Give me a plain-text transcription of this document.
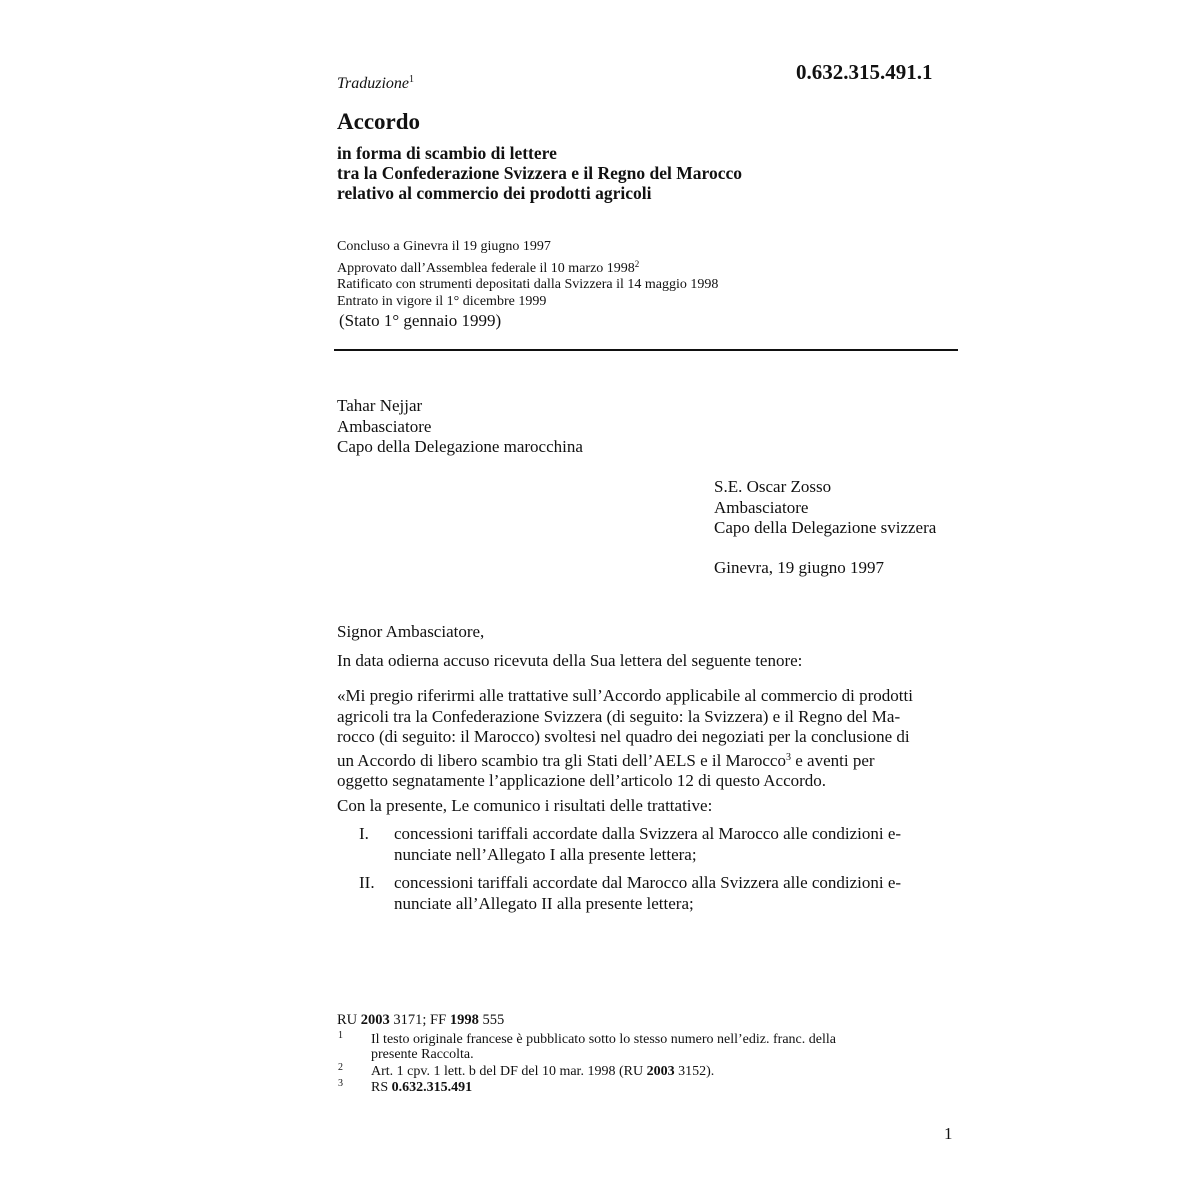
Traduzione$^1$	0.632.315.491.1
Accordo
in forma di scambio di lettere
tra la Confederazione Svizzera e il Regno del Marocco
relativo al commercio dei prodotti agricoli
Concluso a Ginevra il 19 giugno 1997
Approvato dall’Assemblea federale il 10 marzo 1998$^2$
Ratificato con strumenti depositati dalla Svizzera il 14 maggio 1998
Entrato in vigore il 1° dicembre 1999
(Stato 1° gennaio 1999)
Tahar Nejjar
Ambasciatore
Capo della Delegazione marocchina
S.E. Oscar Zosso
Ambasciatore
Capo della Delegazione svizzera
Ginevra, 19 giugno 1997
Signor Ambasciatore,
In data odierna accuso ricevuta della Sua lettera del seguente tenore:
«Mi pregio riferirmi alle trattative sull’Accordo applicabile al commercio di prodotti
agricoli tra la Confederazione Svizzera (di seguito: la Svizzera) e il Regno del Ma-
rocco (di seguito: il Marocco) svoltesi nel quadro dei negoziati per la conclusione di
un Accordo di libero scambio tra gli Stati dell’AELS e il Marocco$^3$ e aventi per
oggetto segnatamente l’applicazione dell’articolo 12 di questo Accordo.
Con la presente, Le comunico i risultati delle trattative:
I.	concessioni tariffali accordate dalla Svizzera al Marocco alle condizioni e-
nunciate nell’Allegato I alla presente lettera;
II.	concessioni tariffali accordate dal Marocco alla Svizzera alle condizioni e-
nunciate all’Allegato II alla presente lettera;
RU 2003 3171; FF 1998 555
1 Il testo originale francese è pubblicato sotto lo stesso numero nell’ediz. franc. della
presente Raccolta.
2 Art. 1 cpv. 1 lett. b del DF del 10 mar. 1998 (RU 2003 3152).
3 RS 0.632.315.491
1
